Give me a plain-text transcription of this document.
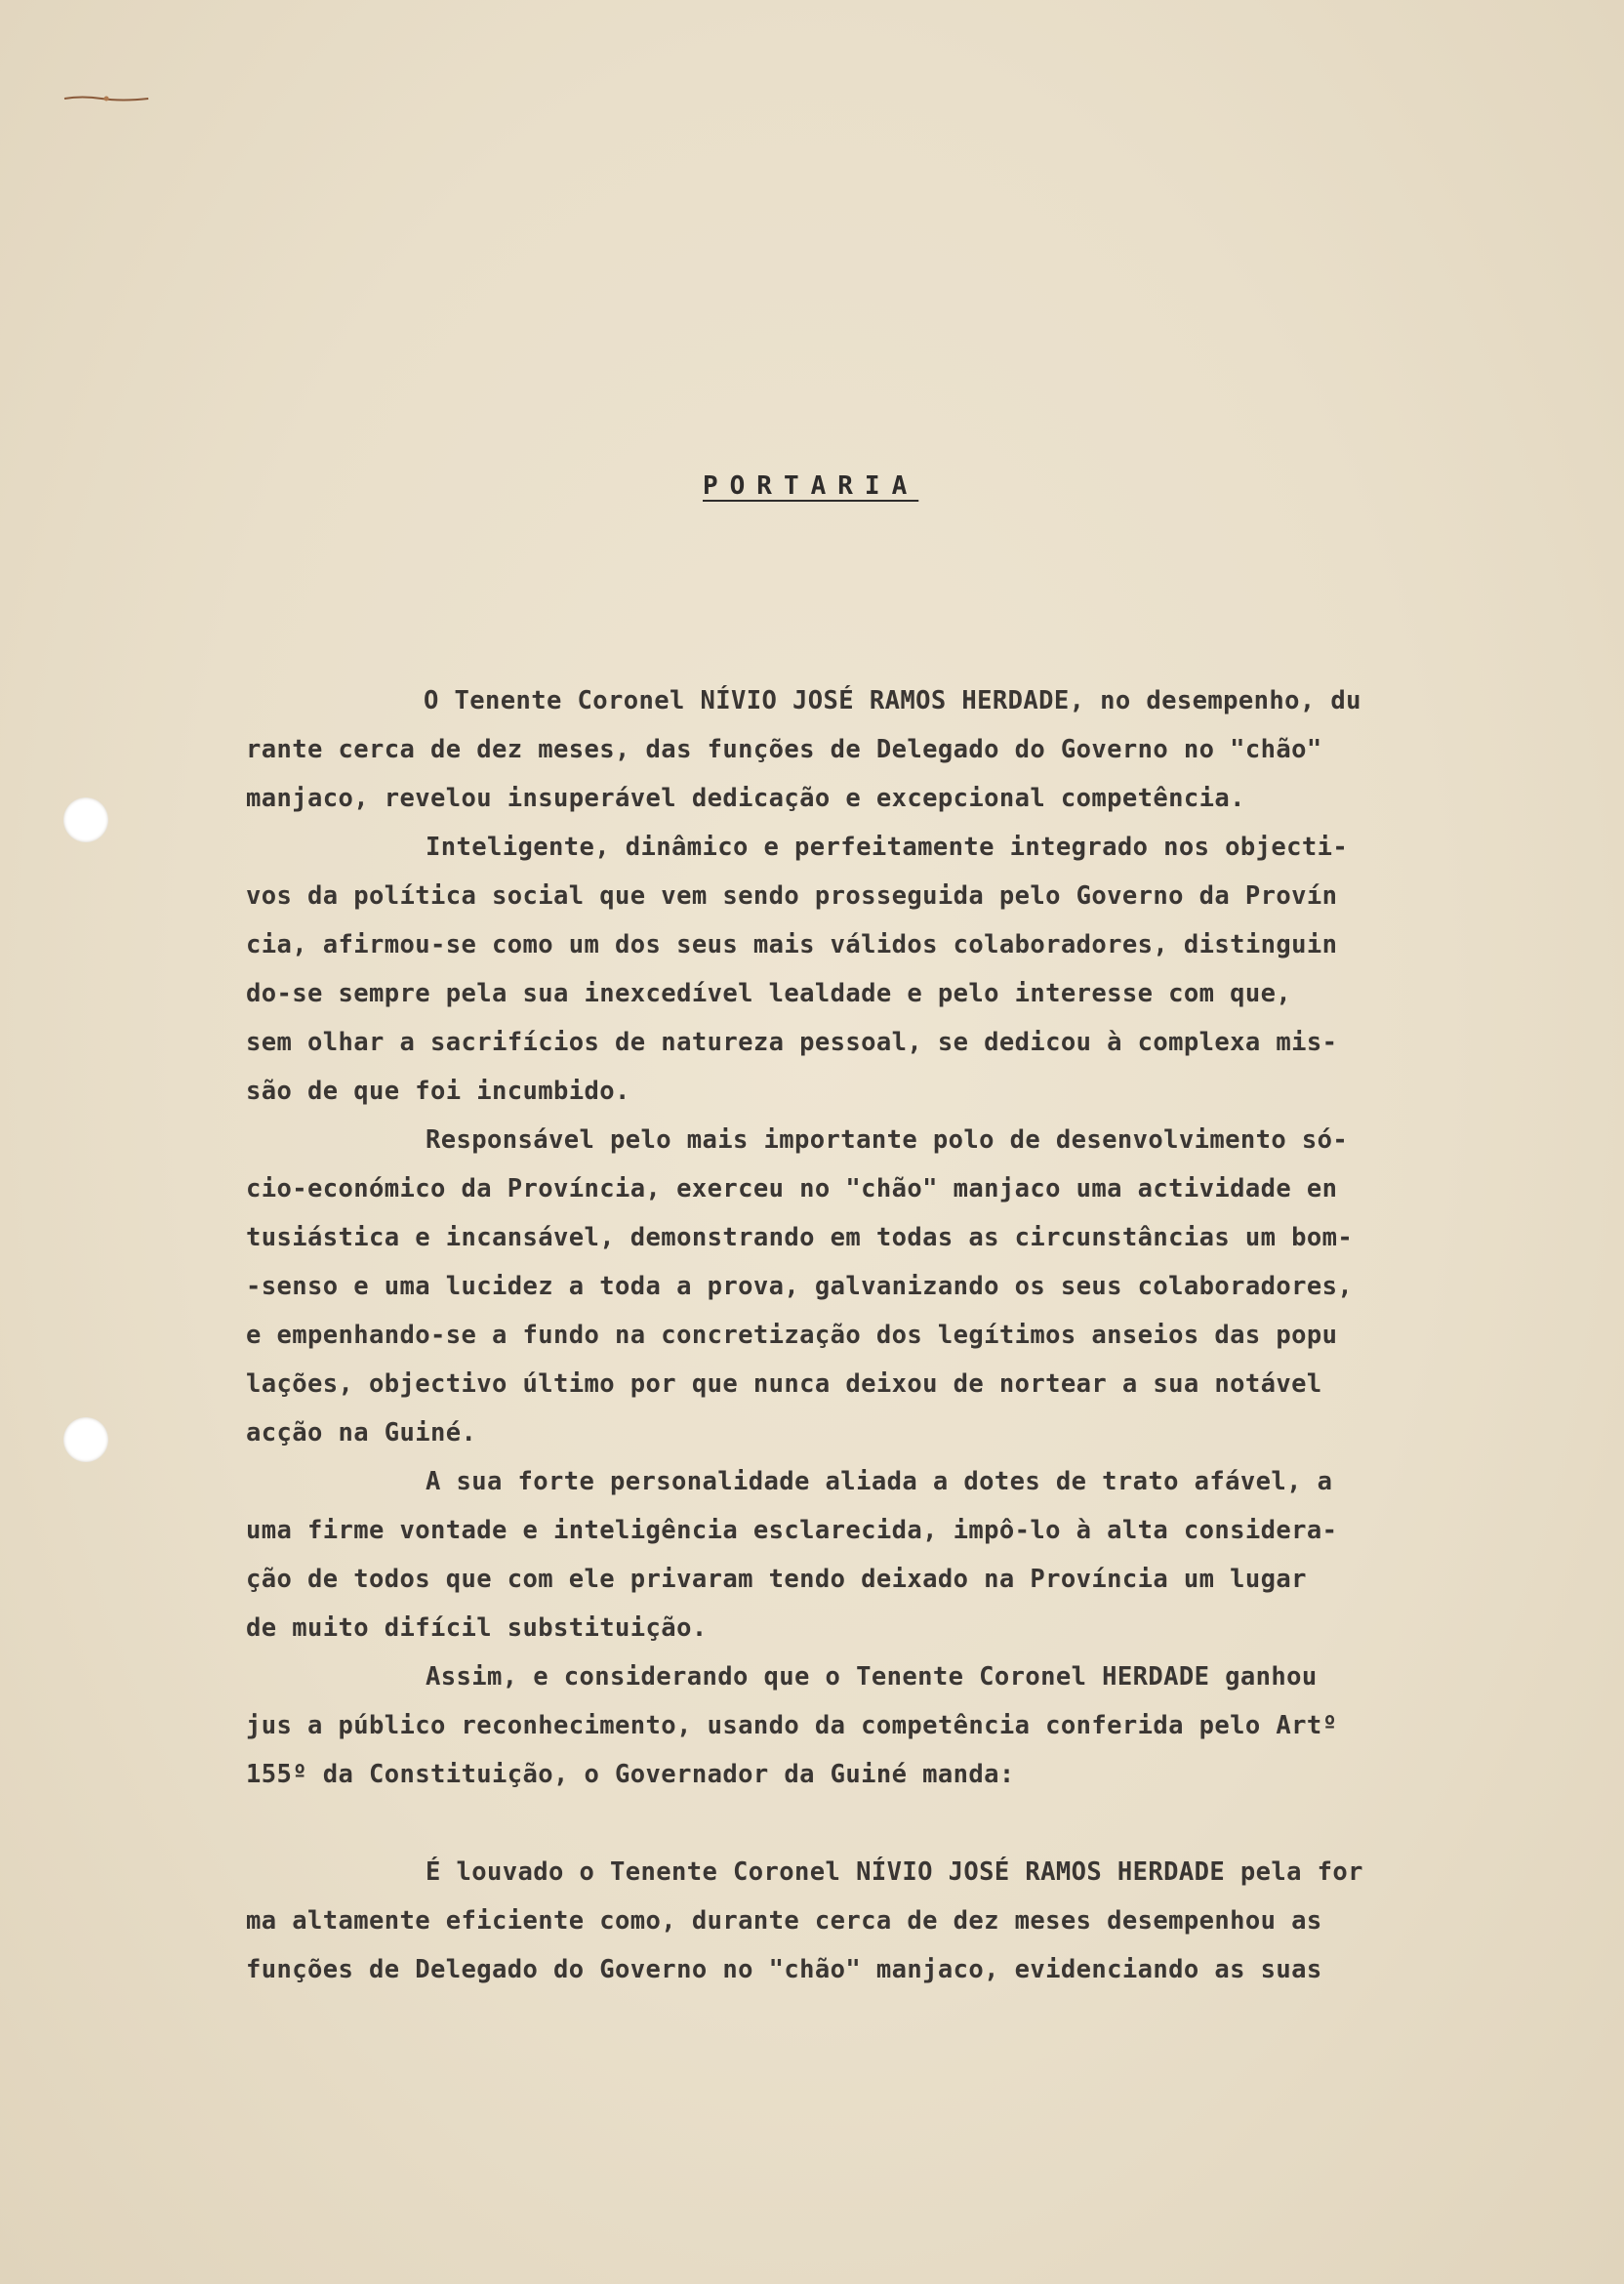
PORTARIA
O Tenente Coronel NÍVIO JOSÉ RAMOS HERDADE, no desempenho, du
rante cerca de dez meses, das funções de Delegado do Governo no "chão"
manjaco, revelou insuperável dedicação e excepcional competência.
Inteligente, dinâmico e perfeitamente integrado nos objecti-
vos da política social que vem sendo prosseguida pelo Governo da Provín
cia, afirmou-se como um dos seus mais válidos colaboradores, distinguin
do-se sempre pela sua inexcedível lealdade e pelo interesse com que,
sem olhar a sacrifícios de natureza pessoal, se dedicou à complexa mis-
são de que foi incumbido.
Responsável pelo mais importante polo de desenvolvimento só-
cio-económico da Província, exerceu no "chão" manjaco uma actividade en
tusiástica e incansável, demonstrando em todas as circunstâncias um bom-
-senso e uma lucidez a toda a prova, galvanizando os seus colaboradores,
e empenhando-se a fundo na concretização dos legítimos anseios das popu
lações, objectivo último por que nunca deixou de nortear a sua notável
acção na Guiné.
A sua forte personalidade aliada a dotes de trato afável, a
uma firme vontade e inteligência esclarecida, impô-lo à alta considera-
ção de todos que com ele privaram tendo deixado na Província um lugar
de muito difícil substituição.
Assim, e considerando que o Tenente Coronel HERDADE ganhou
jus a público reconhecimento, usando da competência conferida pelo Artº
155º da Constituição, o Governador da Guiné manda:
É louvado o Tenente Coronel NÍVIO JOSÉ RAMOS HERDADE pela for
ma altamente eficiente como, durante cerca de dez meses desempenhou as
funções de Delegado do Governo no "chão" manjaco, evidenciando as suas
